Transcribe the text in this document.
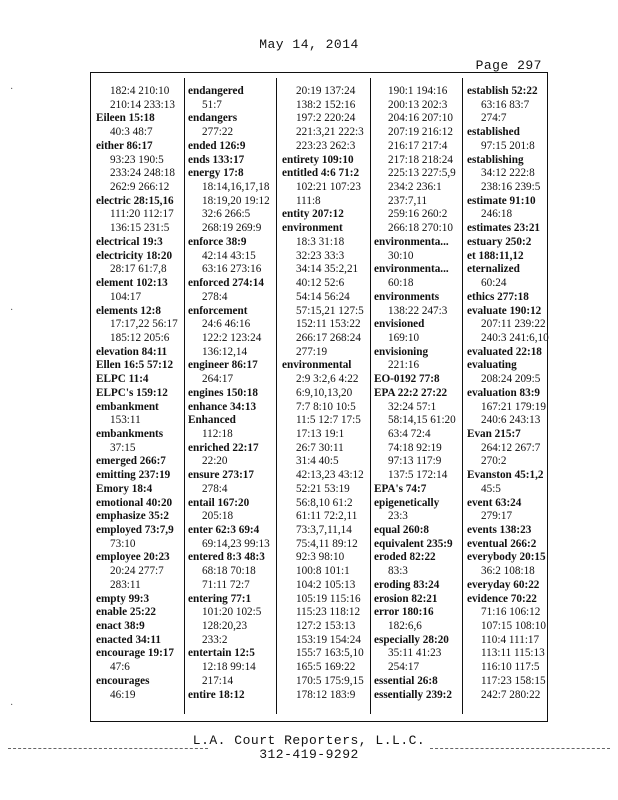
May 14, 2014
Page 297
182:4 210:10
210:14 233:13
Eileen 15:18
40:3 48:7
either 86:17
93:23 190:5
233:24 248:18
262:9 266:12
electric 28:15,16
111:20 112:17
136:15 231:5
electrical 19:3
electricity 18:20
28:17 61:7,8
element 102:13
104:17
elements 12:8
17:17,22 56:17
185:12 205:6
elevation 84:11
Ellen 16:5 57:12
ELPC 11:4
ELPC's 159:12
embankment
153:11
embankments
37:15
emerged 266:7
emitting 237:19
Emory 18:4
emotional 40:20
emphasize 35:2
employed 73:7,9
73:10
employee 20:23
20:24 277:7
283:11
empty 99:3
enable 25:22
enact 38:9
enacted 34:11
encourage 19:17
47:6
encourages
46:19
endangered
51:7
endangers
277:22
ended 126:9
ends 133:17
energy 17:8
18:14,16,17,18
18:19,20 19:12
32:6 266:5
268:19 269:9
enforce 38:9
42:14 43:15
63:16 273:16
enforced 274:14
278:4
enforcement
24:6 46:16
122:2 123:24
136:12,14
engineer 86:17
264:17
engines 150:18
enhance 34:13
Enhanced
112:18
enriched 22:17
22:20
ensure 273:17
278:4
entail 167:20
205:18
enter 62:3 69:4
69:14,23 99:13
entered 8:3 48:3
68:18 70:18
71:11 72:7
entering 77:1
101:20 102:5
128:20,23
233:2
entertain 12:5
12:18 99:14
217:14
entire 18:12
20:19 137:24
138:2 152:16
197:2 220:24
221:3,21 222:3
223:23 262:3
entirety 109:10
entitled 4:6 71:2
102:21 107:23
111:8
entity 207:12
environment
18:3 31:18
32:23 33:3
34:14 35:2,21
40:12 52:6
54:14 56:24
57:15,21 127:5
152:11 153:22
266:17 268:24
277:19
environmental
2:9 3:2,6 4:22
6:9,10,13,20
7:7 8:10 10:5
11:5 12:7 17:5
17:13 19:1
26:7 30:11
31:4 40:5
42:13,23 43:12
52:21 53:19
56:8,10 61:2
61:11 72:2,11
73:3,7,11,14
75:4,11 89:12
92:3 98:10
100:8 101:1
104:2 105:13
105:19 115:16
115:23 118:12
127:2 153:13
153:19 154:24
155:7 163:5,10
165:5 169:22
170:5 175:9,15
178:12 183:9
190:1 194:16
200:13 202:3
204:16 207:10
207:19 216:12
216:17 217:4
217:18 218:24
225:13 227:5,9
234:2 236:1
237:7,11
259:16 260:2
266:18 270:10
environmenta...
30:10
environmenta...
60:18
environments
138:22 247:3
envisioned
169:10
envisioning
221:16
EO-0192 77:8
EPA 22:2 27:22
32:24 57:1
58:14,15 61:20
63:4 72:4
74:18 92:19
97:13 117:9
137:5 172:14
EPA's 74:7
epigenetically
23:3
equal 260:8
equivalent 235:9
eroded 82:22
83:3
eroding 83:24
erosion 82:21
error 180:16
182:6,6
especially 28:20
35:11 41:23
254:17
essential 26:8
essentially 239:2
establish 52:22
63:16 83:7
274:7
established
97:15 201:8
establishing
34:12 222:8
238:16 239:5
estimate 91:10
246:18
estimates 23:21
estuary 250:2
et 188:11,12
eternalized
60:24
ethics 277:18
evaluate 190:12
207:11 239:22
240:3 241:6,10
evaluated 22:18
evaluating
208:24 209:5
evaluation 83:9
167:21 179:19
240:6 243:13
Evan 215:7
264:12 267:7
270:2
Evanston 45:1,2
45:5
event 63:24
279:17
events 138:23
eventual 266:2
everybody 20:15
36:2 108:18
everyday 60:22
evidence 70:22
71:16 106:12
107:15 108:10
110:4 111:17
113:11 115:13
116:10 117:5
117:23 158:15
242:7 280:22
L.A. Court Reporters, L.L.C.
312-419-9292
·
·
·
